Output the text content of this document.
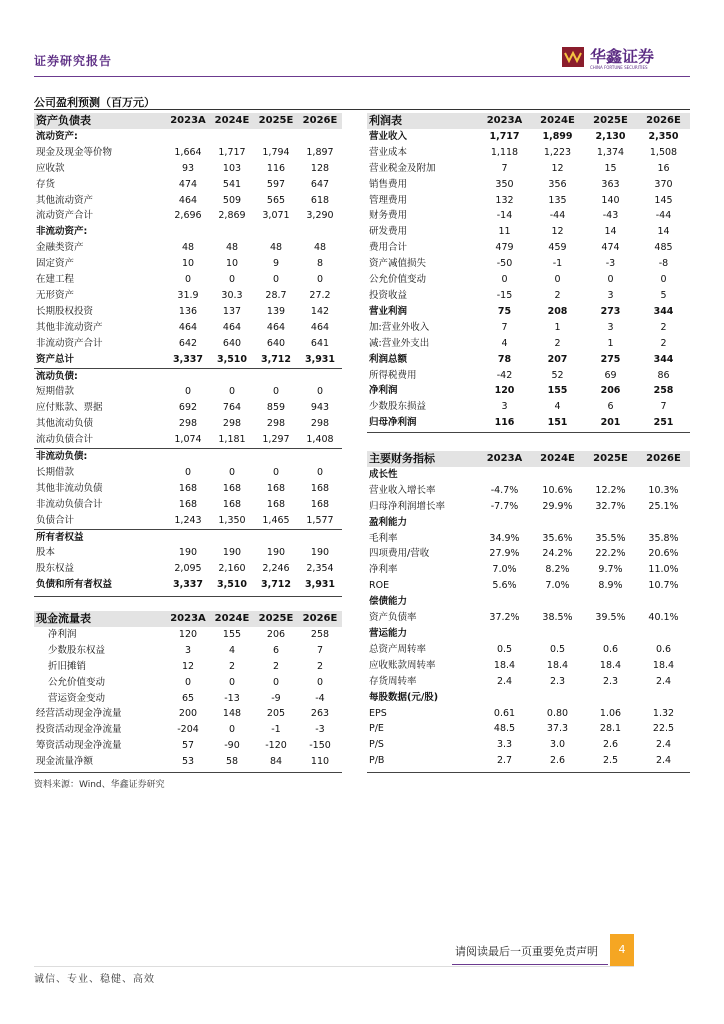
证券研究报告	华鑫证券
CHINA FORTUNE SECURITIES
公司盈利预测（百万元）
资产负债表	2023A	2024E	2025E	2026E
流动资产:				
现金及现金等价物	1,664	1,717	1,794	1,897
应收款	93	103	116	128
存货	474	541	597	647
其他流动资产	464	509	565	618
流动资产合计	2,696	2,869	3,071	3,290
非流动资产:				
金融类资产	48	48	48	48
固定资产	10	10	9	8
在建工程	0	0	0	0
无形资产	31.9	30.3	28.7	27.2
长期股权投资	136	137	139	142
其他非流动资产	464	464	464	464
非流动资产合计	642	640	640	641
资产总计	3,337	3,510	3,712	3,931
流动负债:				
短期借款	0	0	0	0
应付账款、票据	692	764	859	943
其他流动负债	298	298	298	298
流动负债合计	1,074	1,181	1,297	1,408
非流动负债:				
长期借款	0	0	0	0
其他非流动负债	168	168	168	168
非流动负债合计	168	168	168	168
负债合计	1,243	1,350	1,465	1,577
所有者权益				
股本	190	190	190	190
股东权益	2,095	2,160	2,246	2,354
负债和所有者权益	3,337	3,510	3,712	3,931
现金流量表	2023A	2024E	2025E	2026E
净利润	120	155	206	258
少数股东权益	3	4	6	7
折旧摊销	12	2	2	2
公允价值变动	0	0	0	0
营运资金变动	65	-13	-9	-4
经营活动现金净流量	200	148	205	263
投资活动现金净流量	-204	0	-1	-3
筹资活动现金净流量	57	-90	-120	-150
现金流量净额	53	58	84	110
利润表	2023A	2024E	2025E	2026E
营业收入	1,717	1,899	2,130	2,350
营业成本	1,118	1,223	1,374	1,508
营业税金及附加	7	12	15	16
销售费用	350	356	363	370
管理费用	132	135	140	145
财务费用	-14	-44	-43	-44
研发费用	11	12	14	14
费用合计	479	459	474	485
资产减值损失	-50	-1	-3	-8
公允价值变动	0	0	0	0
投资收益	-15	2	3	5
营业利润	75	208	273	344
加:营业外收入	7	1	3	2
减:营业外支出	4	2	1	2
利润总额	78	207	275	344
所得税费用	-42	52	69	86
净利润	120	155	206	258
少数股东损益	3	4	6	7
归母净利润	116	151	201	251
主要财务指标	2023A	2024E	2025E	2026E
成长性				
营业收入增长率	-4.7%	10.6%	12.2%	10.3%
归母净利润增长率	-7.7%	29.9%	32.7%	25.1%
盈利能力				
毛利率	34.9%	35.6%	35.5%	35.8%
四项费用/营收	27.9%	24.2%	22.2%	20.6%
净利率	7.0%	8.2%	9.7%	11.0%
ROE	5.6%	7.0%	8.9%	10.7%
偿债能力				
资产负债率	37.2%	38.5%	39.5%	40.1%
营运能力				
总资产周转率	0.5	0.5	0.6	0.6
应收账款周转率	18.4	18.4	18.4	18.4
存货周转率	2.4	2.3	2.3	2.4
每股数据(元/股)				
EPS	0.61	0.80	1.06	1.32
P/E	48.5	37.3	28.1	22.5
P/S	3.3	3.0	2.6	2.4
P/B	2.7	2.6	2.5	2.4
资料来源：Wind、华鑫证券研究
请阅读最后一页重要免责声明	4
诚信、专业、稳健、高效
